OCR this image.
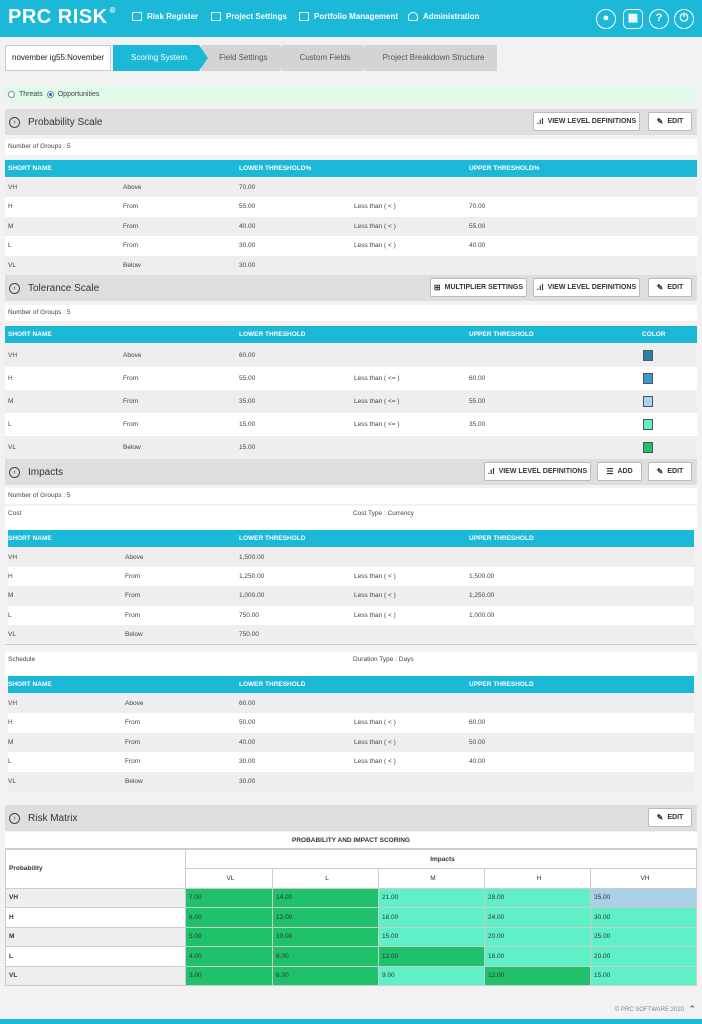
PRC RISK ®
Risk Register	Project Settings	Portfolio Management	Administration	●	▦	?	⏻
november ig55:November	Scoring System	Field Settings	Custom Fields	Project Breakdown Structure
Threats Opportunities
›	Probability Scale	.ıl VIEW LEVEL DEFINITIONS	✎ EDIT
Number of Groups : 5
SHORT NAME	LOWER THRESHOLD%	UPPER THRESHOLD%
VH	Above	70.00
H	From	55.00	Less than ( < )	70.00
M	From	40.00	Less than ( < )	55.00
L	From	30.00	Less than ( < )	40.00
VL	Below	30.00
›	Tolerance Scale	⊞ MULTIPLIER SETTINGS .ıl VIEW LEVEL DEFINITIONS	✎ EDIT
Number of Groups : 5
SHORT NAME	LOWER THRESHOLD	UPPER THRESHOLD	COLOR
VH	Above	60.00
H	From	55.00	Less than ( <= )	60.00
M	From	35.00	Less than ( <= )	55.00
L	From	15.00	Less than ( <= )	35.00
VL	Below	15.00
›	Impacts	.ıl VIEW LEVEL DEFINITIONS ☰ ADD	✎ EDIT
Number of Groups : 5
Cost	Cost Type : Currency
SHORT NAME	LOWER THRESHOLD	UPPER THRESHOLD
VH	Above	1,500.00
H	From	1,250.00	Less than ( < )	1,500.00
M	From	1,000.00	Less than ( < )	1,250.00
L	From	750.00	Less than ( < )	1,000.00
VL	Below	750.00
Schedule	Duration Type : Days
SHORT NAME	LOWER THRESHOLD	UPPER THRESHOLD
VH	Above	60.00
H	From	50.00	Less than ( < )	60.00
M	From	40.00	Less than ( < )	50.00
L	From	30.00	Less than ( < )	40.00
VL	Below	30.00
›	Risk Matrix	✎ EDIT
PROBABILITY AND IMPACT SCORING
Probability	Impacts				
	VL	L	M	H	VH
VH	7.00	14.00	21.00	28.00	35.00
H	6.00	12.00	18.00	24.00	30.00
M	5.00	10.00	15.00	20.00	25.00
L	4.00	8.00	12.00	16.00	20.00
VL	3.00	6.00	9.00	12.00	15.00
© PRC SOFTWARE 2020 ⌃
